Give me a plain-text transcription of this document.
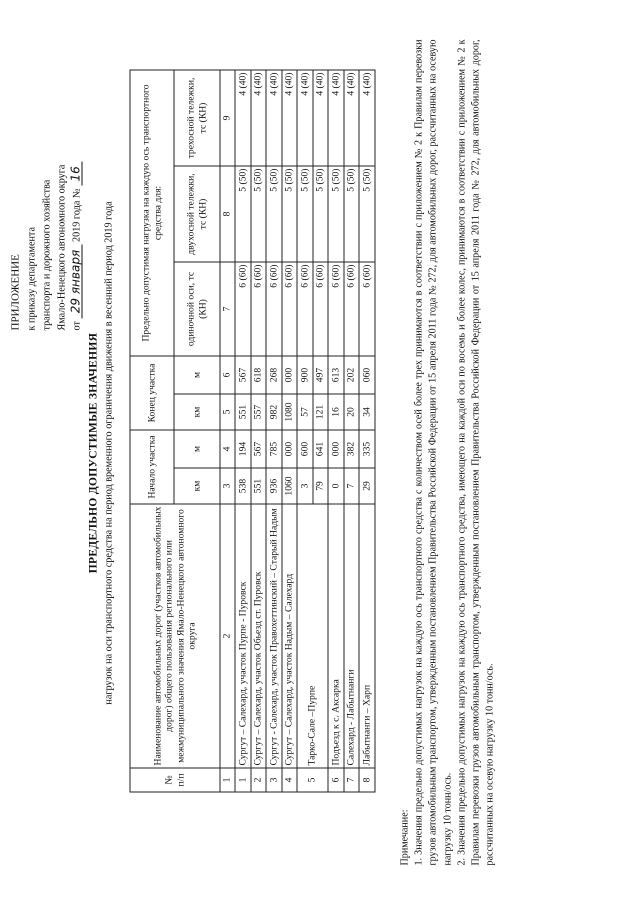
ПРИЛОЖЕНИЕ к приказу департамента транспорта и дорожного хозяйства Ямало-Ненецкого автономного округа от 29 января 2019 года № 16
ПРЕДЕЛЬНО ДОПУСТИМЫЕ ЗНАЧЕНИЯ нагрузок на оси транспортного средства на период временного ограничения движения в весенний период 2019 года
№ п/п	Наименование автомобильных дорог (участков автомобильных дорог) общего пользования регионального или межмуниципального значения Ямало-Ненецкого автономного округа	Начало участка		Конец участка		Предельно допустимая нагрузка на каждую ось транспортного средства для:		
		км	м	км	м	одиночной оси, тс (КН)	двухосной тележки, тс (КН)	трехосной тележки, тс (КН)
1	2	3	4	5	6	7	8	9
1	Сургут – Салехард, участок Пурпе - Пуровск	538	194	551	567	6 (60)	5 (50)	4 (40)
2	Сургут – Салехард, участок Обьезд ст. Пуровск	551	567	557	618	6 (60)	5 (50)	4 (40)
3	Сургут - Салехард, участок Правохеттинский – Старый Надым	936	785	982	268	6 (60)	5 (50)	4 (40)
4	Сургут – Салехард, участок Надым – Салехард	1060	000	1080	000	6 (60)	5 (50)	4 (40)
5	Тарко-Сале –Пурпе	3	600	57	900	6 (60)	5 (50)	4 (40)
		79	641	121	497	6 (60)	5 (50)	4 (40)
6	Подъезд к с. Аксарка	0	000	16	613	6 (60)	5 (50)	4 (40)
7	Салехард - Лабытнанги	7	382	20	202	6 (60)	5 (50)	4 (40)
8	Лабытнанги – Харп	29	335	34	060	6 (60)	5 (50)	4 (40)

Примечание: 1. Значения предельно допустимых нагрузок на каждую ось транспортного средства с количеством осей более трех принимаются в соответствии с приложением № 2 к Правилам перевозки грузов автомобильным транспортом, утвержденным постановлением Правительства Российской Федерации от 15 апреля 2011 года № 272, для автомобильных дорог, рассчитанных на осевую нагрузку 10 тонн/ось. 2. Значения предельно допустимых нагрузок на каждую ось транспортного средства, имеющего на каждой оси по восемь и более колес, принимаются в соответствии с приложением № 2 к Правилам перевозки грузов автомобильным транспортом, утвержденным постановлением Правительства Российской Федерации от 15 апреля 2011 года № 272, для автомобильных дорог, рассчитанных на осевую нагрузку 10 тонн/ось.
